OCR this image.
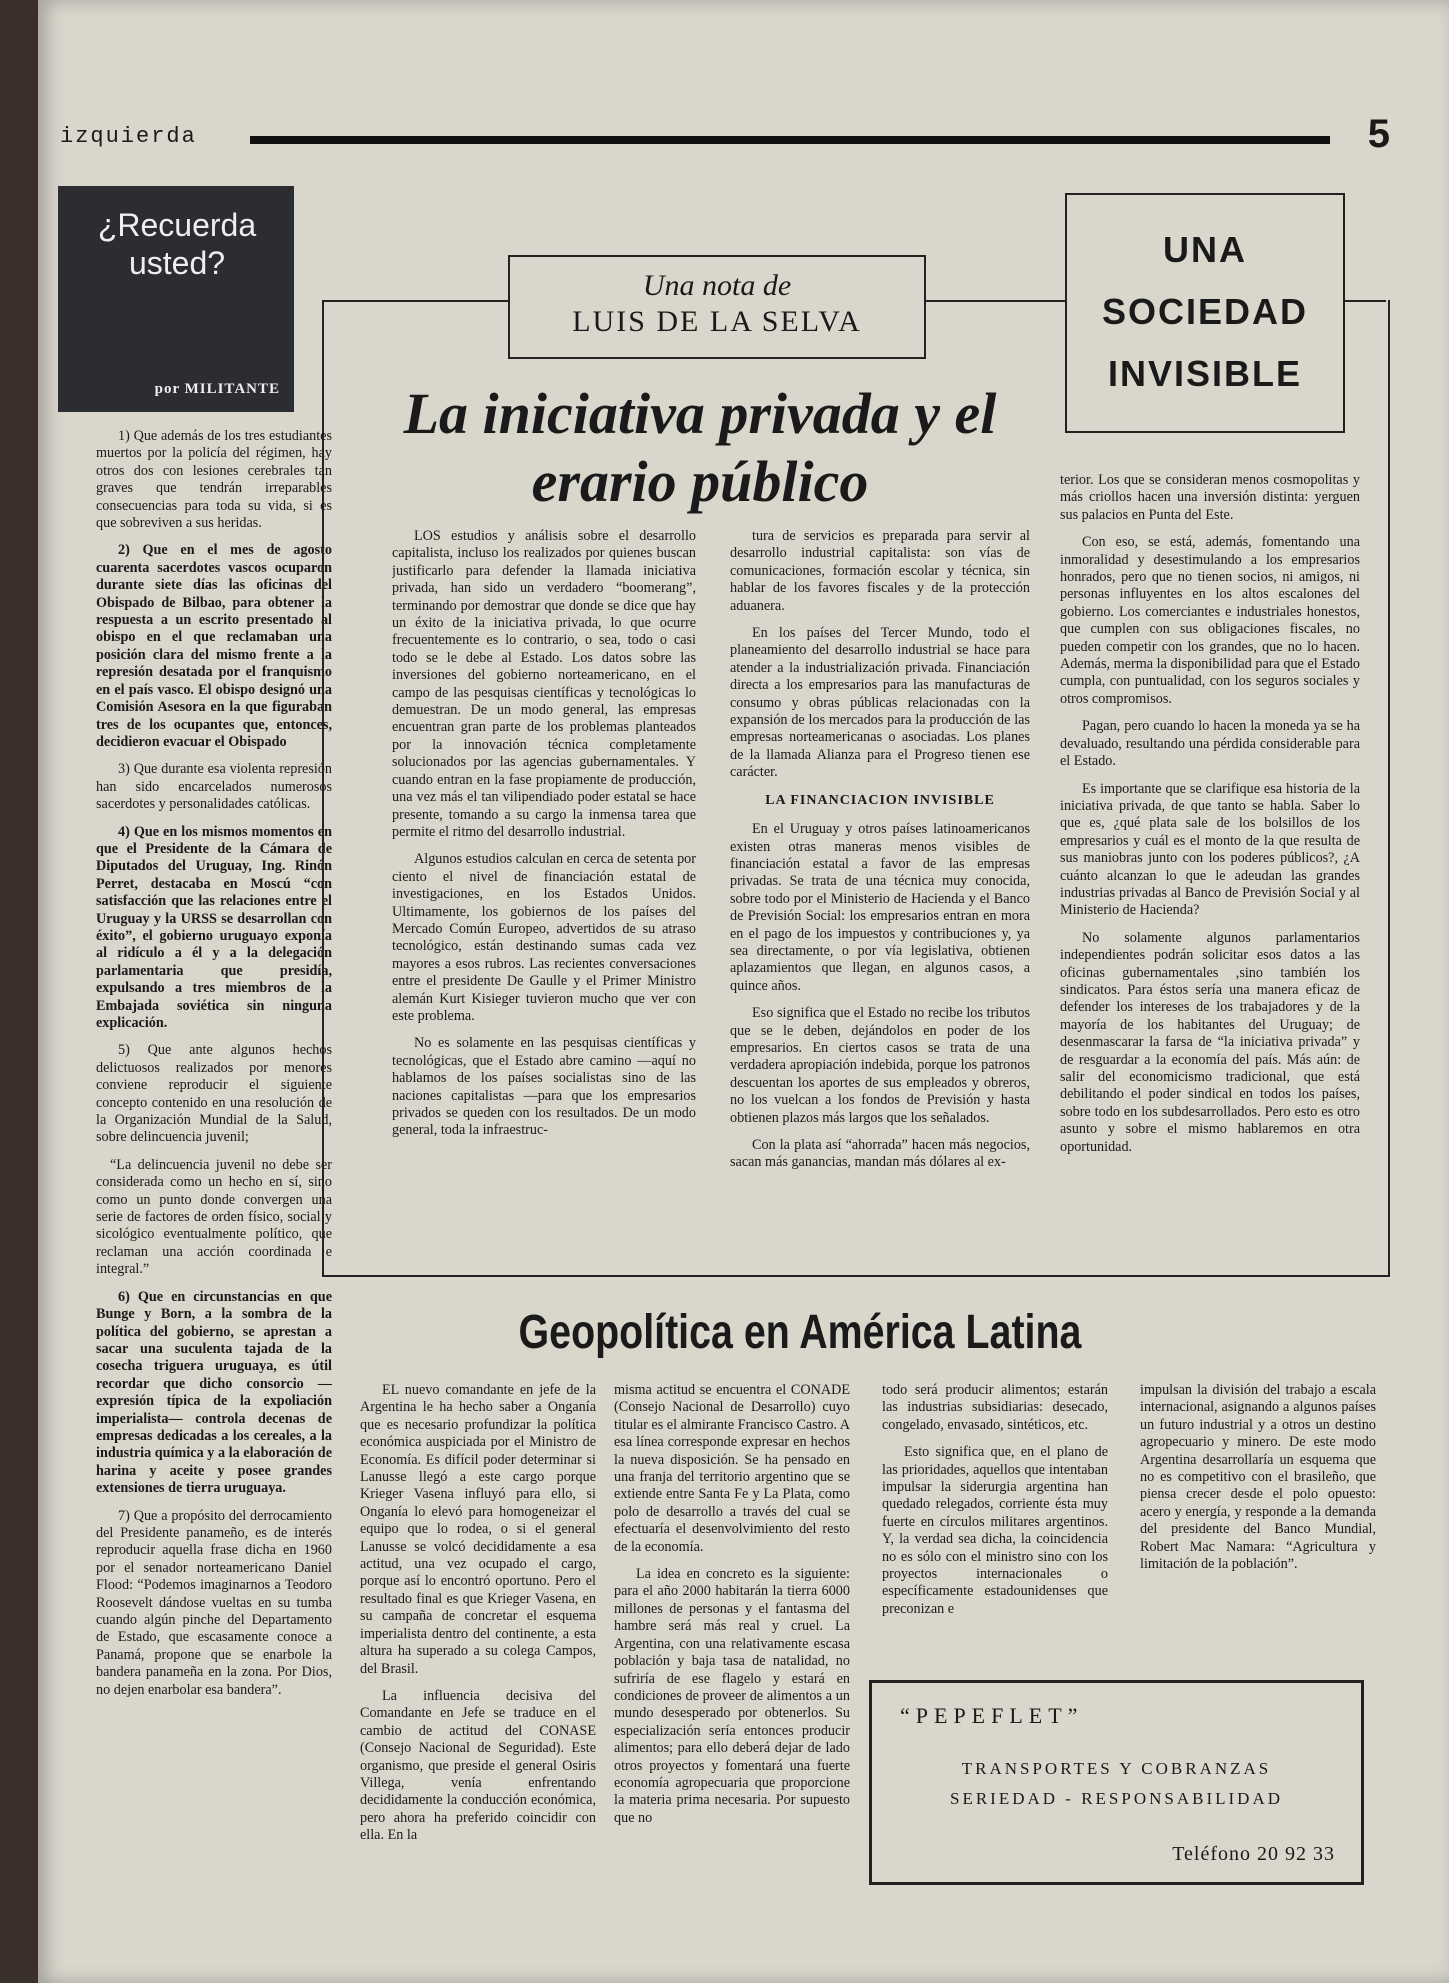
izquierda	5
¿Recuerda usted?
por MILITANTE

1) Que además de los tres estudiantes muertos por la policía del régimen, hay otros dos con lesiones cerebrales tan graves que tendrán irreparables consecuencias para toda su vida, si es que sobreviven a sus heridas.

2) Que en el mes de agosto cuarenta sacerdotes vascos ocuparon durante siete días las oficinas del Obispado de Bilbao, para obtener la respuesta a un escrito presentado al obispo en el que reclamaban una posición clara del mismo frente a la represión desatada por el franquismo en el país vasco. El obispo designó una Comisión Asesora en la que figuraban tres de los ocupantes que, entonces, decidieron evacuar el Obispado

3) Que durante esa violenta represión han sido encarcelados numerosos sacerdotes y personalidades católicas.

4) Que en los mismos momentos en que el Presidente de la Cámara de Diputados del Uruguay, Ing. Rinón Perret, destacaba en Moscú “con satisfacción que las relaciones entre el Uruguay y la URSS se desarrollan con éxito”, el gobierno uruguayo exponía al ridículo a él y a la delegación parlamentaria que presidía, expulsando a tres miembros de la Embajada soviética sin ninguna explicación.

5) Que ante algunos hechos delictuosos realizados por menores conviene reproducir el siguiente concepto contenido en una resolución de la Organización Mundial de la Salud, sobre delincuencia juvenil;

“La delincuencia juvenil no debe ser considerada como un hecho en sí, sino como un punto donde convergen una serie de factores de orden físico, social y sicológico eventualmente político, que reclaman una acción coordinada e integral.”

6) Que en circunstancias en que Bunge y Born, a la sombra de la política del gobierno, se aprestan a sacar una suculenta tajada de la cosecha triguera uruguaya, es útil recordar que dicho consorcio —expresión típica de la expoliación imperialista— controla decenas de empresas dedicadas a los cereales, a la industria química y a la elaboración de harina y aceite y posee grandes extensiones de tierra uruguaya.

7) Que a propósito del derrocamiento del Presidente panameño, es de interés reproducir aquella frase dicha en 1960 por el senador norteamericano Daniel Flood: “Podemos imaginarnos a Teodoro Roosevelt dándose vueltas en su tumba cuando algún pinche del Departamento de Estado, que escasamente conoce a Panamá, propone que se enarbole la bandera panameña en la zona. Por Dios, no dejen enarbolar esa bandera”.

Una nota de
LUIS DE LA SELVA
La iniciativa privada y el erario público
UNA
SOCIEDAD
INVISIBLE

LOS estudios y análisis sobre el desarrollo capitalista, incluso los realizados por quienes buscan justificarlo para defender la llamada iniciativa privada, han sido un verdadero “boomerang”, terminando por demostrar que donde se dice que hay un éxito de la iniciativa privada, lo que ocurre frecuentemente es lo contrario, o sea, todo o casi todo se le debe al Estado. Los datos sobre las inversiones del gobierno norteamericano, en el campo de las pesquisas científicas y tecnológicas lo demuestran. De un modo general, las empresas encuentran gran parte de los problemas planteados por la innovación técnica completamente solucionados por las agencias gubernamentales. Y cuando entran en la fase propiamente de producción, una vez más el tan vilipendiado poder estatal se hace presente, tomando a su cargo la inmensa tarea que permite el ritmo del desarrollo industrial.

Algunos estudios calculan en cerca de setenta por ciento el nivel de financiación estatal de investigaciones, en los Estados Unidos. Ultimamente, los gobiernos de los países del Mercado Común Europeo, advertidos de su atraso tecnológico, están destinando sumas cada vez mayores a esos rubros. Las recientes conversaciones entre el presidente De Gaulle y el Primer Ministro alemán Kurt Kisieger tuvieron mucho que ver con este problema.

No es solamente en las pesquisas científicas y tecnológicas, que el Estado abre camino —aquí no hablamos de los países socialistas sino de las naciones capitalistas —para que los empresarios privados se queden con los resultados. De un modo general, toda la infraestruc-

tura de servicios es preparada para servir al desarrollo industrial capitalista: son vías de comunicaciones, formación escolar y técnica, sin hablar de los favores fiscales y de la protección aduanera.

En los países del Tercer Mundo, todo el planeamiento del desarrollo industrial se hace para atender a la industrialización privada. Financiación directa a los empresarios para las manufacturas de consumo y obras públicas relacionadas con la expansión de los mercados para la producción de las empresas norteamericanas o asociadas. Los planes de la llamada Alianza para el Progreso tienen ese carácter.

LA FINANCIACION INVISIBLE

En el Uruguay y otros países latinoamericanos existen otras maneras menos visibles de financiación estatal a favor de las empresas privadas. Se trata de una técnica muy conocida, sobre todo por el Ministerio de Hacienda y el Banco de Previsión Social: los empresarios entran en mora en el pago de los impuestos y contribuciones y, ya sea directamente, o por vía legislativa, obtienen aplazamientos que llegan, en algunos casos, a quince años.

Eso significa que el Estado no recibe los tributos que se le deben, dejándolos en poder de los empresarios. En ciertos casos se trata de una verdadera apropiación indebida, porque los patronos descuentan los aportes de sus empleados y obreros, no los vuelcan a los fondos de Previsión y hasta obtienen plazos más largos que los señalados.

Con la plata así “ahorrada” hacen más negocios, sacan más ganancias, mandan más dólares al ex-

terior. Los que se consideran menos cosmopolitas y más criollos hacen una inversión distinta: yerguen sus palacios en Punta del Este.

Con eso, se está, además, fomentando una inmoralidad y desestimulando a los empresarios honrados, pero que no tienen socios, ni amigos, ni personas influyentes en los altos escalones del gobierno. Los comerciantes e industriales honestos, que cumplen con sus obligaciones fiscales, no pueden competir con los grandes, que no lo hacen. Además, merma la disponibilidad para que el Estado cumpla, con puntualidad, con los seguros sociales y otros compromisos.

Pagan, pero cuando lo hacen la moneda ya se ha devaluado, resultando una pérdida considerable para el Estado.

Es importante que se clarifique esa historia de la iniciativa privada, de que tanto se habla. Saber lo que es, ¿qué plata sale de los bolsillos de los empresarios y cuál es el monto de la que resulta de sus maniobras junto con los poderes públicos?, ¿A cuánto alcanzan lo que le adeudan las grandes industrias privadas al Banco de Previsión Social y al Ministerio de Hacienda?

No solamente algunos parlamentarios independientes podrán solicitar esos datos a las oficinas gubernamentales ,sino también los sindicatos. Para éstos sería una manera eficaz de defender los intereses de los trabajadores y de la mayoría de los habitantes del Uruguay; de desenmascarar la farsa de “la iniciativa privada” y de resguardar a la economía del país. Más aún: de salir del economicismo tradicional, que está debilitando el poder sindical en todos los países, sobre todo en los subdesarrollados. Pero esto es otro asunto y sobre el mismo hablaremos en otra oportunidad.

Geopolítica en América Latina

EL nuevo comandante en jefe de la Argentina le ha hecho saber a Onganía que es necesario profundizar la política económica auspiciada por el Ministro de Economía. Es difícil poder determinar si Lanusse llegó a este cargo porque Krieger Vasena influyó para ello, si Onganía lo elevó para homogeneizar el equipo que lo rodea, o si el general Lanusse se volcó decididamente a esa actitud, una vez ocupado el cargo, porque así lo encontró oportuno. Pero el resultado final es que Krieger Vasena, en su campaña de concretar el esquema imperialista dentro del continente, a esta altura ha superado a su colega Campos, del Brasil.

La influencia decisiva del Comandante en Jefe se traduce en el cambio de actitud del CONASE (Consejo Nacional de Seguridad). Este organismo, que preside el general Osiris Villega, venía enfrentando decididamente la conducción económica, pero ahora ha preferido coincidir con ella. En la

misma actitud se encuentra el CONADE (Consejo Nacional de Desarrollo) cuyo titular es el almirante Francisco Castro. A esa línea corresponde expresar en hechos la nueva disposición. Se ha pensado en una franja del territorio argentino que se extiende entre Santa Fe y La Plata, como polo de desarrollo a través del cual se efectuaría el desenvolvimiento del resto de la economía.

La idea en concreto es la siguiente: para el año 2000 habitarán la tierra 6000 millones de personas y el fantasma del hambre será más real y cruel. La Argentina, con una relativamente escasa población y baja tasa de natalidad, no sufriría de ese flagelo y estará en condiciones de proveer de alimentos a un mundo desesperado por obtenerlos. Su especialización sería entonces producir alimentos; para ello deberá dejar de lado otros proyectos y fomentará una fuerte economía agropecuaria que proporcione la materia prima necesaria. Por supuesto que no

todo será producir alimentos; estarán las industrias subsidiarias: desecado, congelado, envasado, sintéticos, etc.

Esto significa que, en el plano de las prioridades, aquellos que intentaban impulsar la siderurgia argentina han quedado relegados, corriente ésta muy fuerte en círculos militares argentinos. Y, la verdad sea dicha, la coincidencia no es sólo con el ministro sino con los proyectos internacionales o específicamente estadounidenses que preconizan e

impulsan la división del trabajo a escala internacional, asignando a algunos países un futuro industrial y a otros un destino agropecuario y minero. De este modo Argentina desarrollaría un esquema que no es competitivo con el brasileño, que piensa crecer desde el polo opuesto: acero y energía, y responde a la demanda del presidente del Banco Mundial, Robert Mac Namara: “Agricultura y limitación de la población”.

“PEPEFLET”
TRANSPORTES Y COBRANZAS
SERIEDAD - RESPONSABILIDAD
Teléfono 20 92 33
